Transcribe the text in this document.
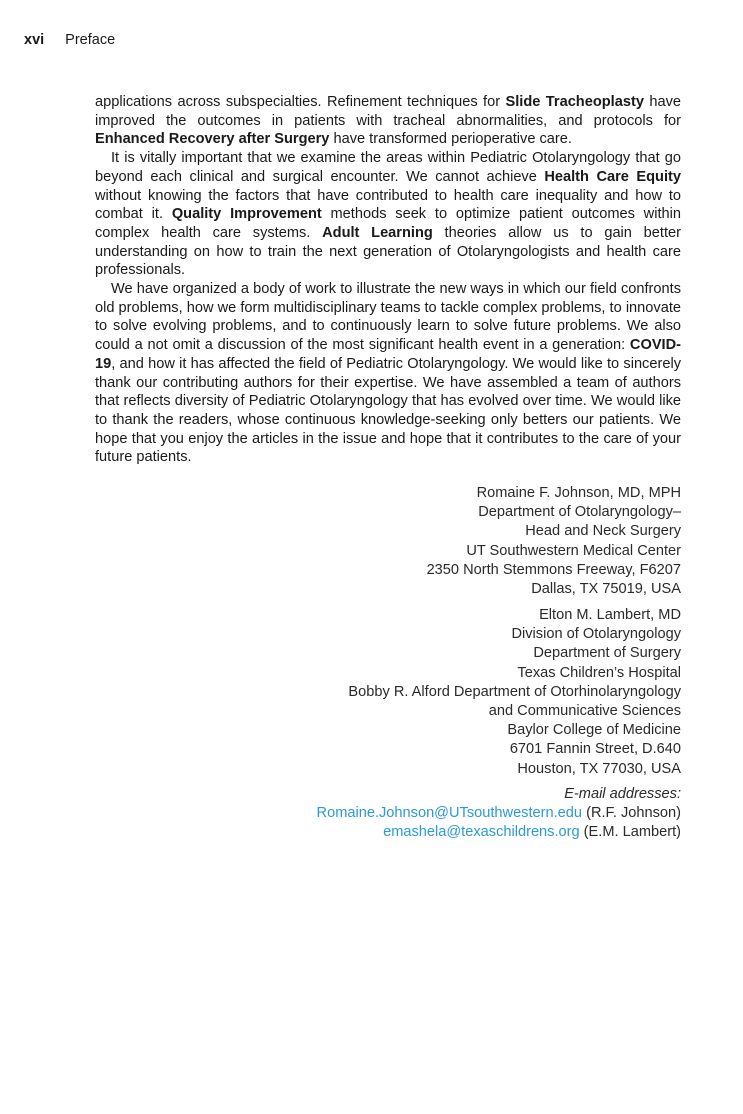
xvi Preface

applications across subspecialties. Refinement techniques for Slide Tracheoplasty have improved the outcomes in patients with tracheal abnormalities, and protocols for Enhanced Recovery after Surgery have transformed perioperative care.

It is vitally important that we examine the areas within Pediatric Otolaryngology that go beyond each clinical and surgical encounter. We cannot achieve Health Care Equity without knowing the factors that have contributed to health care inequality and how to combat it. Quality Improvement methods seek to optimize patient outcomes within complex health care systems. Adult Learning theories allow us to gain better understanding on how to train the next generation of Otolaryngologists and health care professionals.

We have organized a body of work to illustrate the new ways in which our field confronts old problems, how we form multidisciplinary teams to tackle complex problems, to innovate to solve evolving problems, and to continuously learn to solve future problems. We also could a not omit a discussion of the most significant health event in a generation: COVID-19, and how it has affected the field of Pediatric Otolaryngology. We would like to sincerely thank our contributing authors for their expertise. We have assembled a team of authors that reflects diversity of Pediatric Otolaryngology that has evolved over time. We would like to thank the readers, whose continuous knowledge-seeking only betters our patients. We hope that you enjoy the articles in the issue and hope that it contributes to the care of your future patients.

Romaine F. Johnson, MD, MPH
Department of Otolaryngology–
Head and Neck Surgery
UT Southwestern Medical Center
2350 North Stemmons Freeway, F6207
Dallas, TX 75019, USA
Elton M. Lambert, MD
Division of Otolaryngology
Department of Surgery
Texas Children’s Hospital
Bobby R. Alford Department of Otorhinolaryngology
and Communicative Sciences
Baylor College of Medicine
6701 Fannin Street, D.640
Houston, TX 77030, USA
E-mail addresses:
Romaine.Johnson@UTsouthwestern.edu (R.F. Johnson)
emashela@texaschildrens.org (E.M. Lambert)
